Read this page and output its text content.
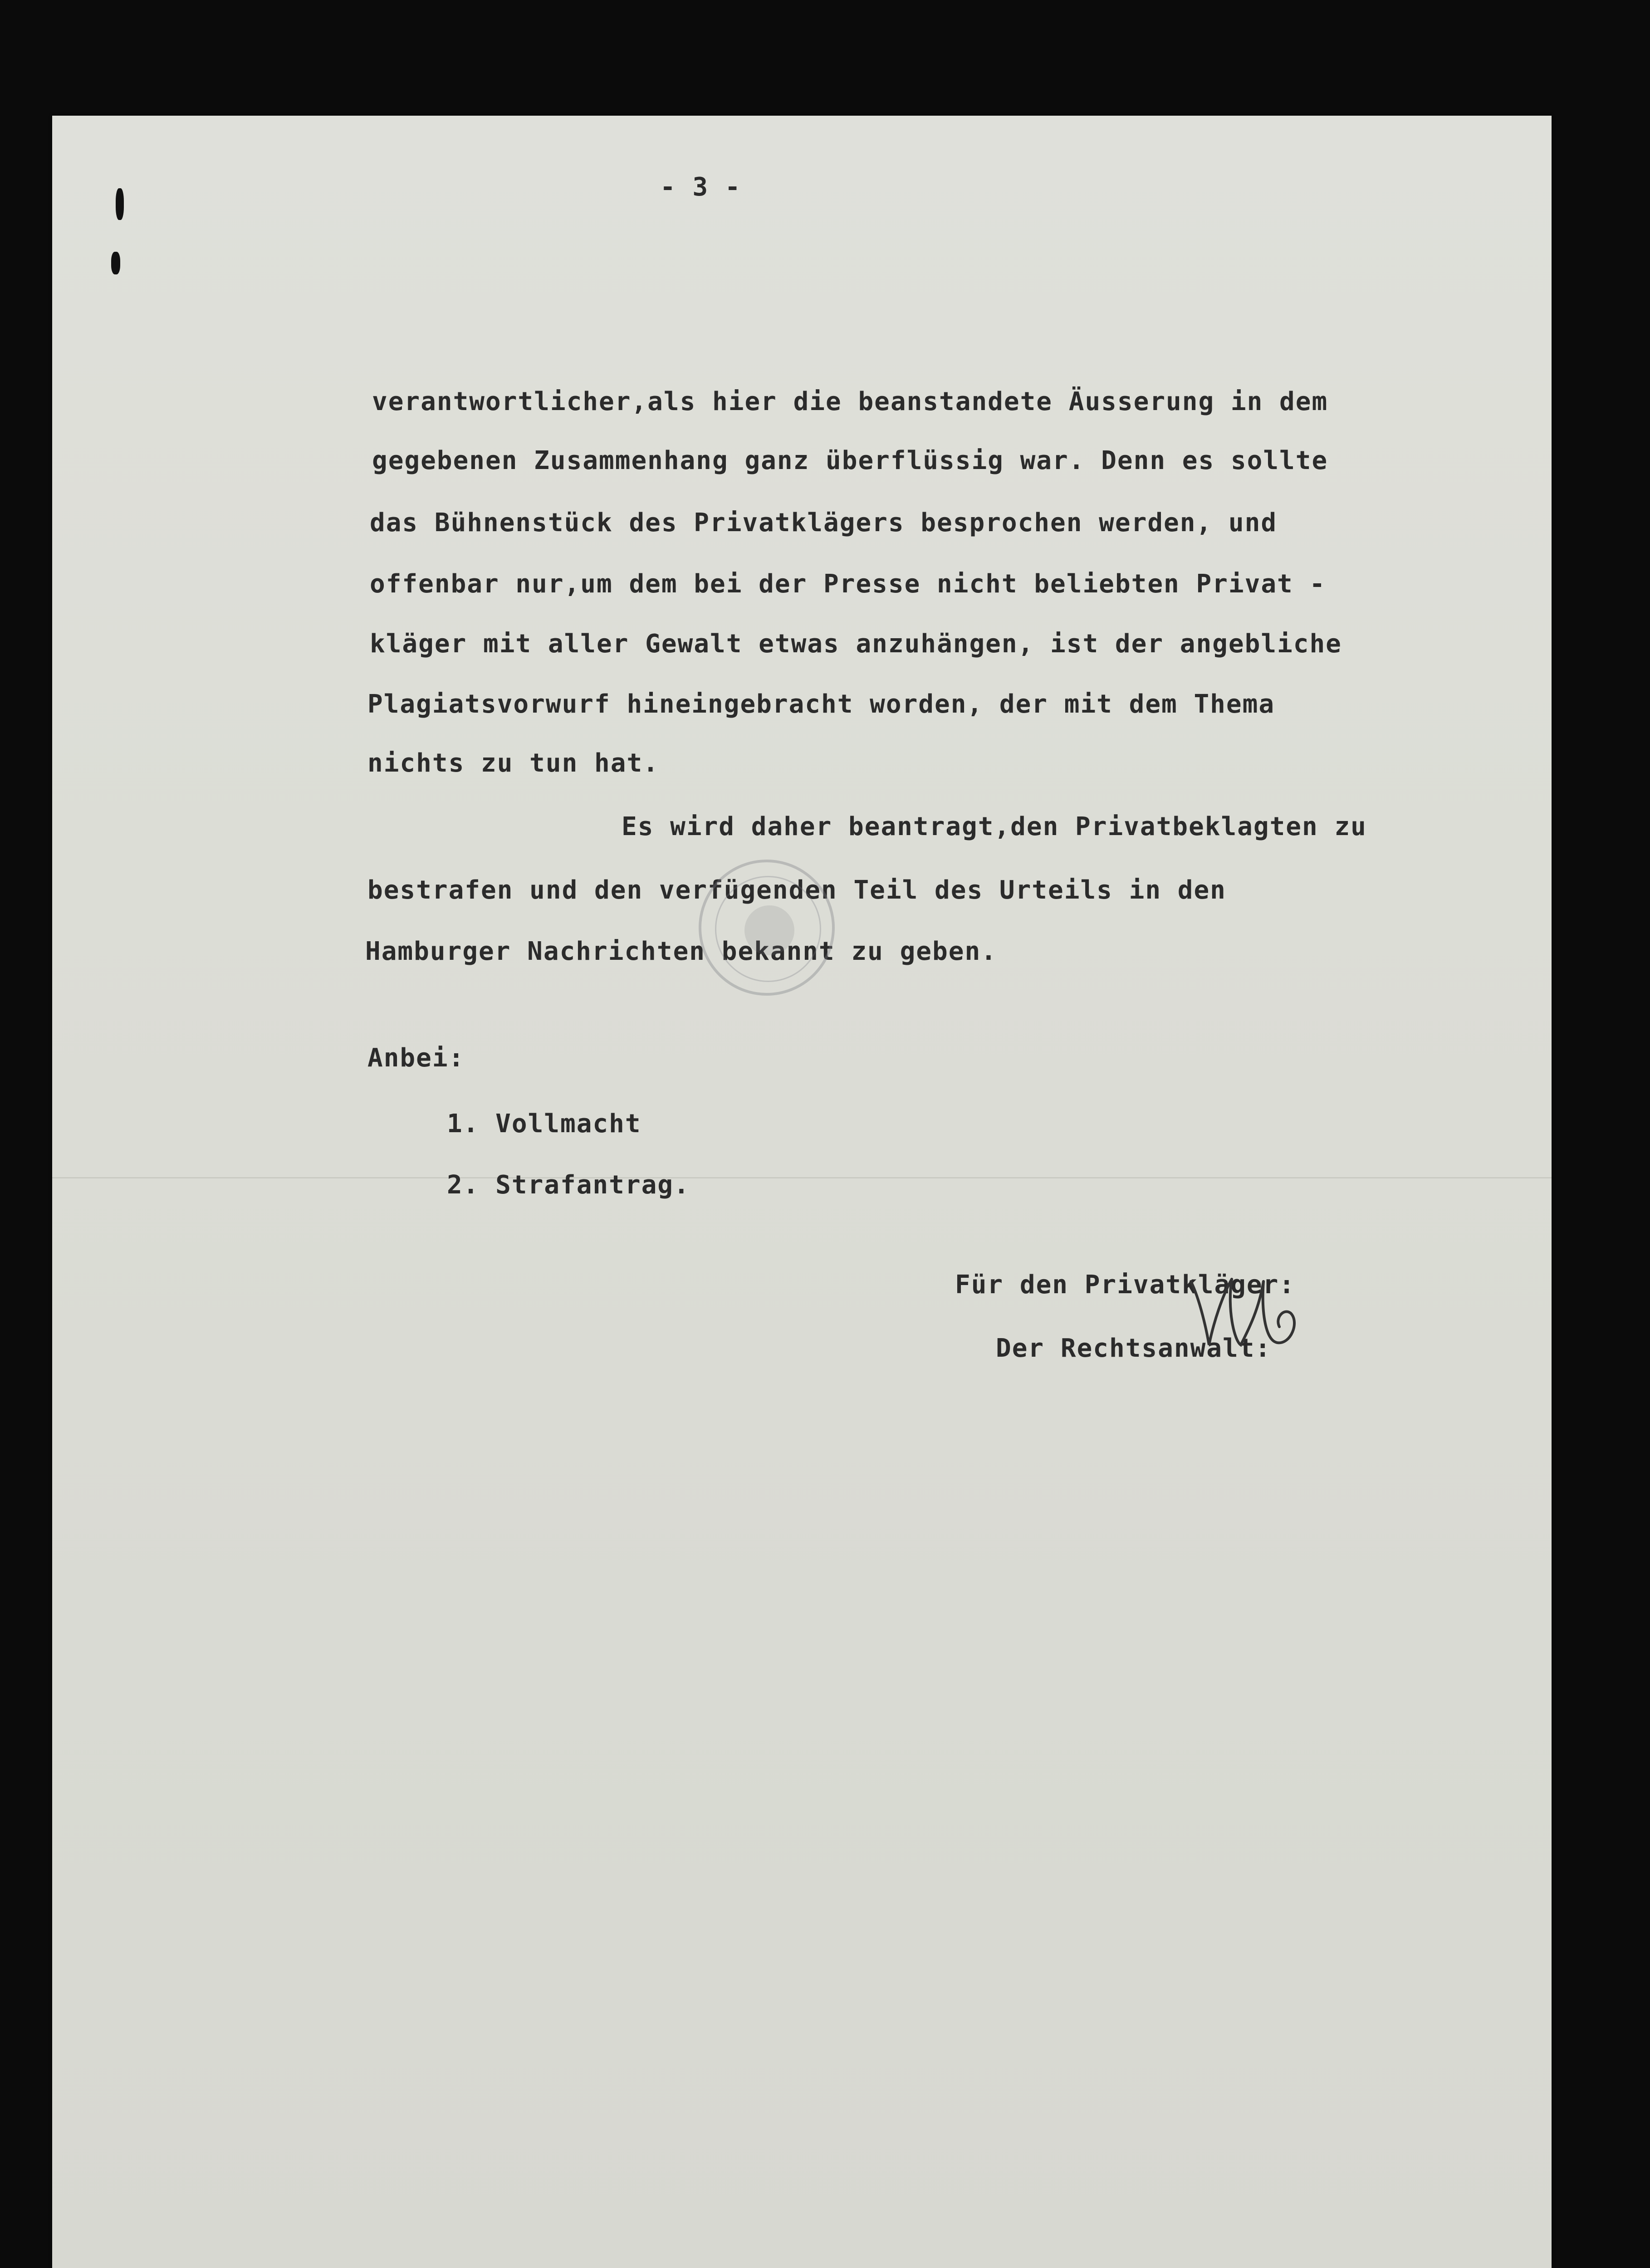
- 3 -
verantwortlicher,als hier die beanstandete Äusserung in dem
gegebenen Zusammenhang ganz überflüssig war. Denn es sollte
das Bühnenstück des Privatklägers besprochen werden, und
offenbar nur,um dem bei der Presse nicht beliebten Privat -
kläger mit aller Gewalt etwas anzuhängen, ist der angebliche
Plagiatsvorwurf hineingebracht worden, der mit dem Thema
nichts zu tun hat.
Es wird daher beantragt,den Privatbeklagten zu
bestrafen und den verfügenden Teil des Urteils in den
Hamburger Nachrichten bekannt zu geben.
Anbei:
1. Vollmacht
2. Strafantrag.
Für den Privatkläger:
Der Rechtsanwalt:
